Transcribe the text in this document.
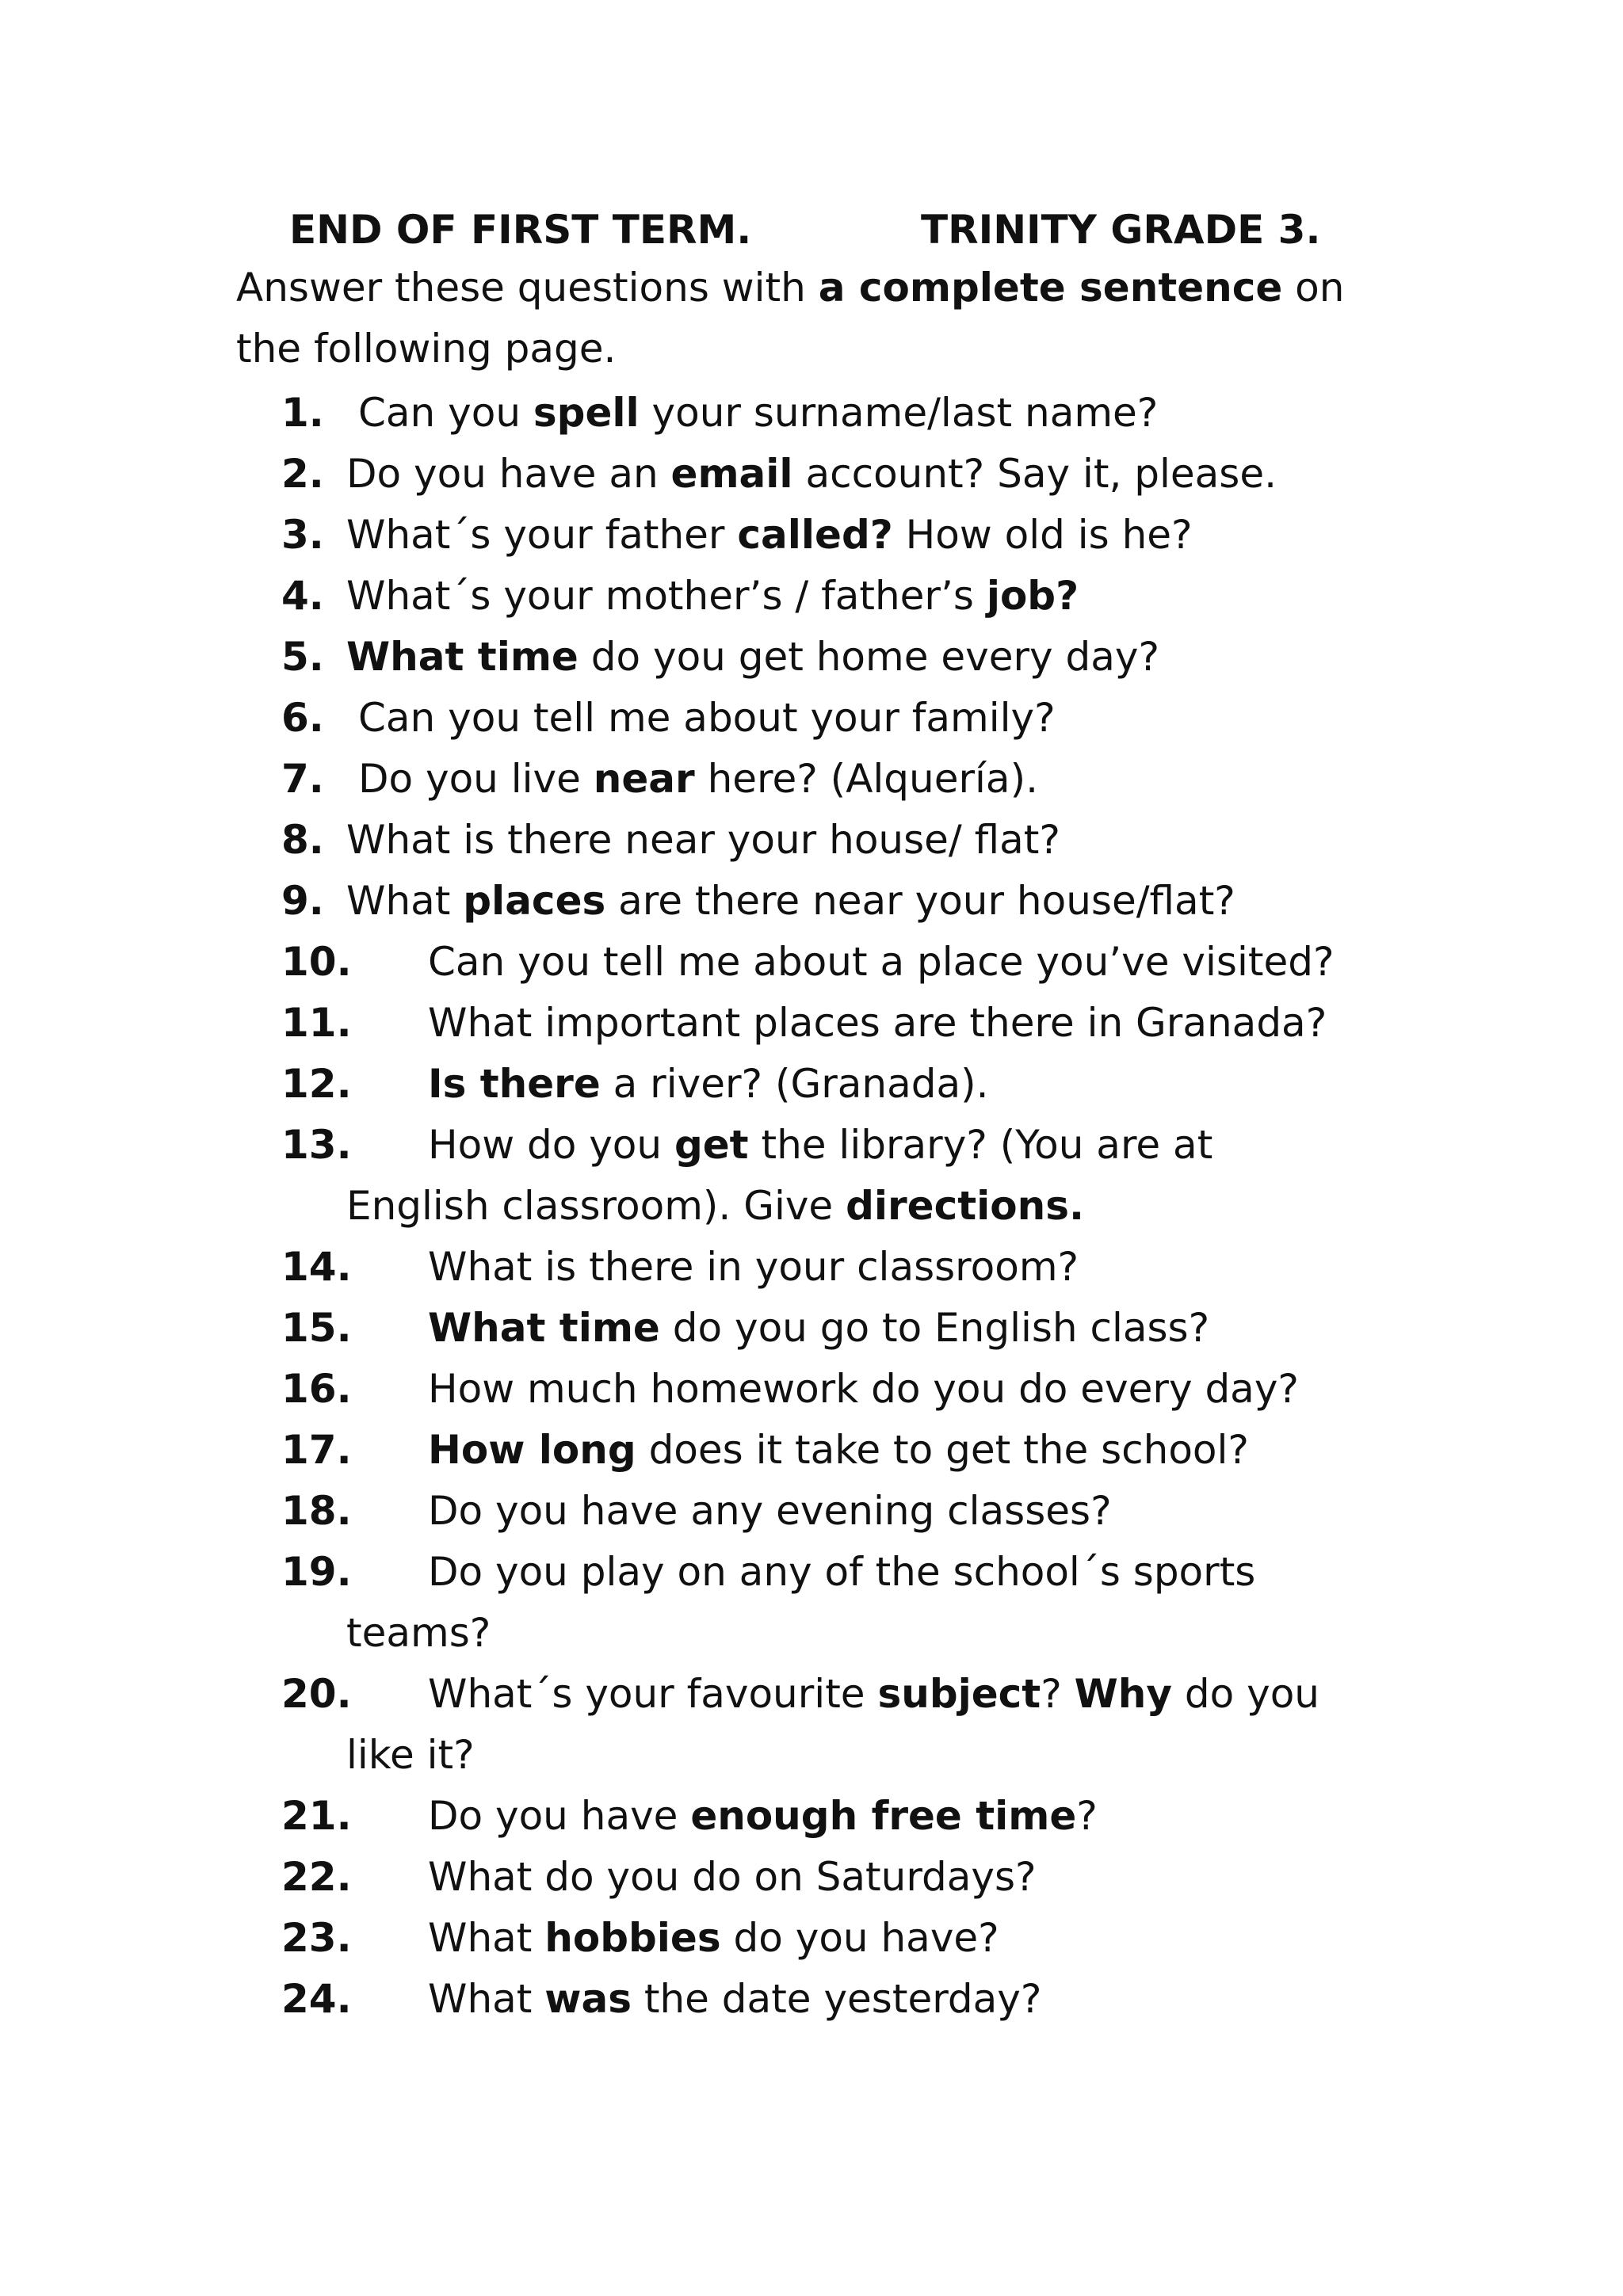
END OF FIRST TERM.	TRINITY GRADE 3.
Answer these questions with a complete sentence on
the following page.
1. Can you spell your surname/last name?
2. Do you have an email account? Say it, please.
3. What´s your father called? How old is he?
4. What´s your mother’s / father’s job?
5. What time do you get home every day?
6. Can you tell me about your family?
7. Do you live near here? (Alquería).
8. What is there near your house/ flat?
9. What places are there near your house/flat?
10.	Can you tell me about a place you’ve visited?
11.	What important places are there in Granada?
12.	Is there a river? (Granada).
13.	How do you get the library? (You are at
English classroom). Give directions.
14.	What is there in your classroom?
15.	What time do you go to English class?
16.	How much homework do you do every day?
17.	How long does it take to get the school?
18.	Do you have any evening classes?
19.	Do you play on any of the school´s sports
teams?
20.	What´s your favourite subject? Why do you
like it?
21.	Do you have enough free time?
22.	What do you do on Saturdays?
23.	What hobbies do you have?
24.	What was the date yesterday?
